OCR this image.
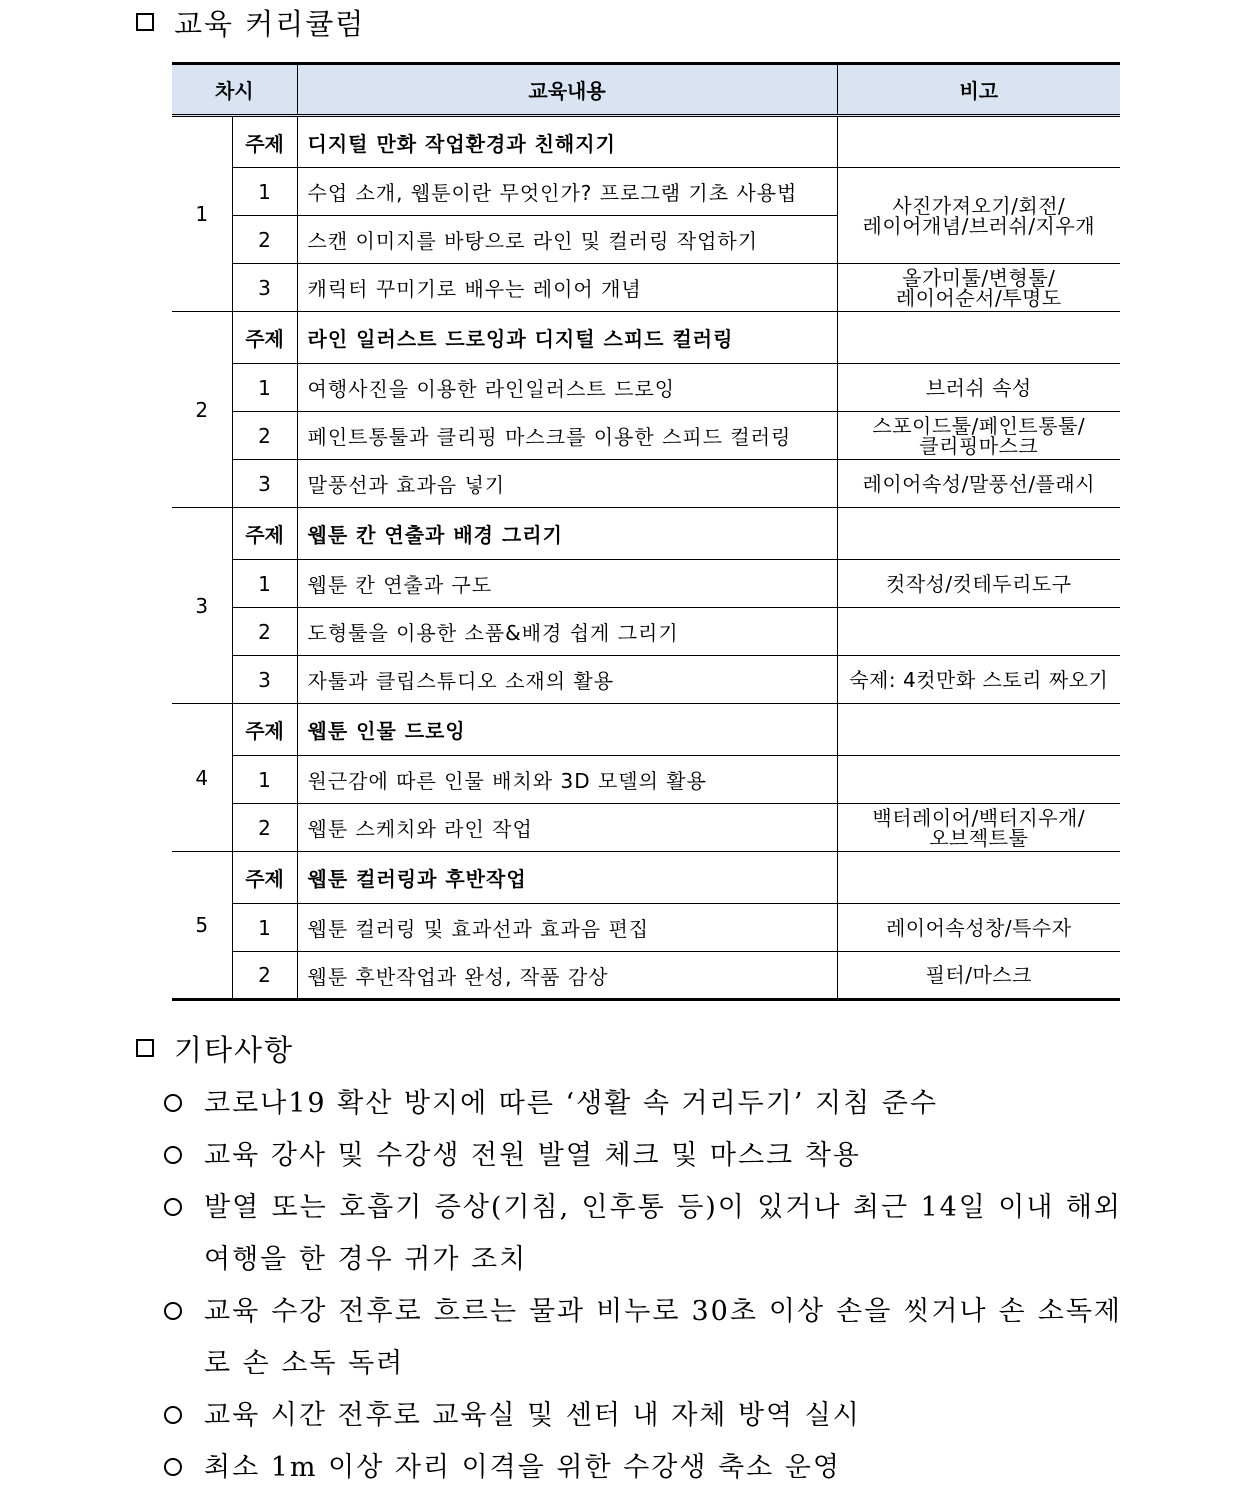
교육 커리큘럼
차시		교육내용	비고
1	주제	디지털 만화 작업환경과 친해지기	
	1	수업 소개, 웹툰이란 무엇인가? 프로그램 기초 사용법	사진가져오기/회전/
레이어개념/브러쉬/지우개
	2	스캔 이미지를 바탕으로 라인 및 컬러링 작업하기	
	3	캐릭터 꾸미기로 배우는 레이어 개념	올가미툴/변형툴/
레이어순서/투명도
2	주제	라인 일러스트 드로잉과 디지털 스피드 컬러링	
	1	여행사진을 이용한 라인일러스트 드로잉	브러쉬 속성
	2	페인트통툴과 클리핑 마스크를 이용한 스피드 컬러링	스포이드툴/페인트통툴/
클리핑마스크
	3	말풍선과 효과음 넣기	레이어속성/말풍선/플래시
3	주제	웹툰 칸 연출과 배경 그리기	
	1	웹툰 칸 연출과 구도	컷작성/컷테두리도구
	2	도형툴을 이용한 소품&배경 쉽게 그리기	
	3	자툴과 클립스튜디오 소재의 활용	숙제: 4컷만화 스토리 짜오기
4	주제	웹툰 인물 드로잉	
	1	원근감에 따른 인물 배치와 3D 모델의 활용	
	2	웹툰 스케치와 라인 작업	백터레이어/백터지우개/
오브젝트툴
5	주제	웹툰 컬러링과 후반작업	
	1	웹툰 컬러링 및 효과선과 효과음 편집	레이어속성창/특수자
	2	웹툰 후반작업과 완성, 작품 감상	필터/마스크
기타사항
코로나19 확산 방지에 따른 ‘생활 속 거리두기’ 지침 준수
교육 강사 및 수강생 전원 발열 체크 및 마스크 착용
발열 또는 호흡기 증상(기침, 인후통 등)이 있거나 최근 14일 이내 해외여행을 한 경우 귀가 조치
교육 수강 전후로 흐르는 물과 비누로 30초 이상 손을 씻거나 손 소독제로 손 소독 독려
교육 시간 전후로 교육실 및 센터 내 자체 방역 실시
최소 1m 이상 자리 이격을 위한 수강생 축소 운영
